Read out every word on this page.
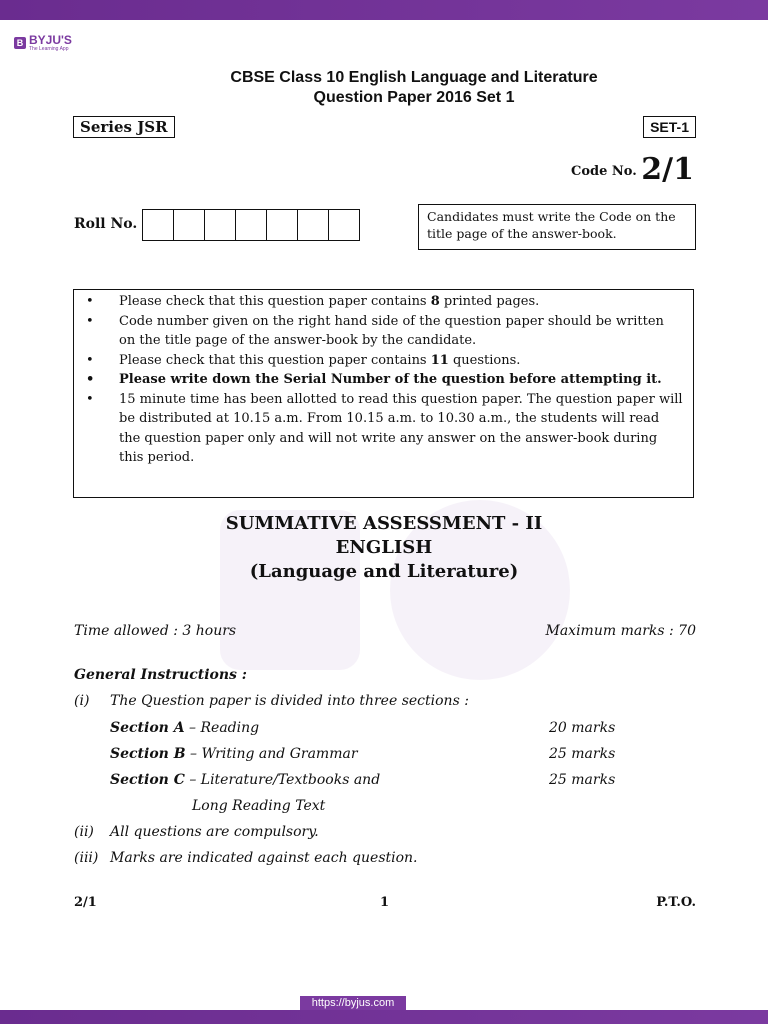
B BYJU'S
The Learning App
CBSE Class 10 English Language and Literature
Question Paper 2016 Set 1
Series JSR	SET-1
Code No. 2/1
Roll No.	Candidates must write the Code on the title page of the answer-book.
• Please check that this question paper contains 8 printed pages.
• Code number given on the right hand side of the question paper should be written on the title page of the answer-book by the candidate.
• Please check that this question paper contains 11 questions.
• Please write down the Serial Number of the question before attempting it.
• 15 minute time has been allotted to read this question paper. The question paper will be distributed at 10.15 a.m. From 10.15 a.m. to 10.30 a.m., the students will read the question paper only and will not write any answer on the answer-book during this period.
SUMMATIVE ASSESSMENT - II
ENGLISH
(Language and Literature)
Time allowed : 3 hours	Maximum marks : 70
General Instructions :
(i) The Question paper is divided into three sections :
Section A – Reading	20 marks
Section B – Writing and Grammar	25 marks
Section C – Literature/Textbooks and	25 marks
Long Reading Text
(ii) All questions are compulsory.
(iii) Marks are indicated against each question.
2/1	1	P.T.O.
https://byjus.com
